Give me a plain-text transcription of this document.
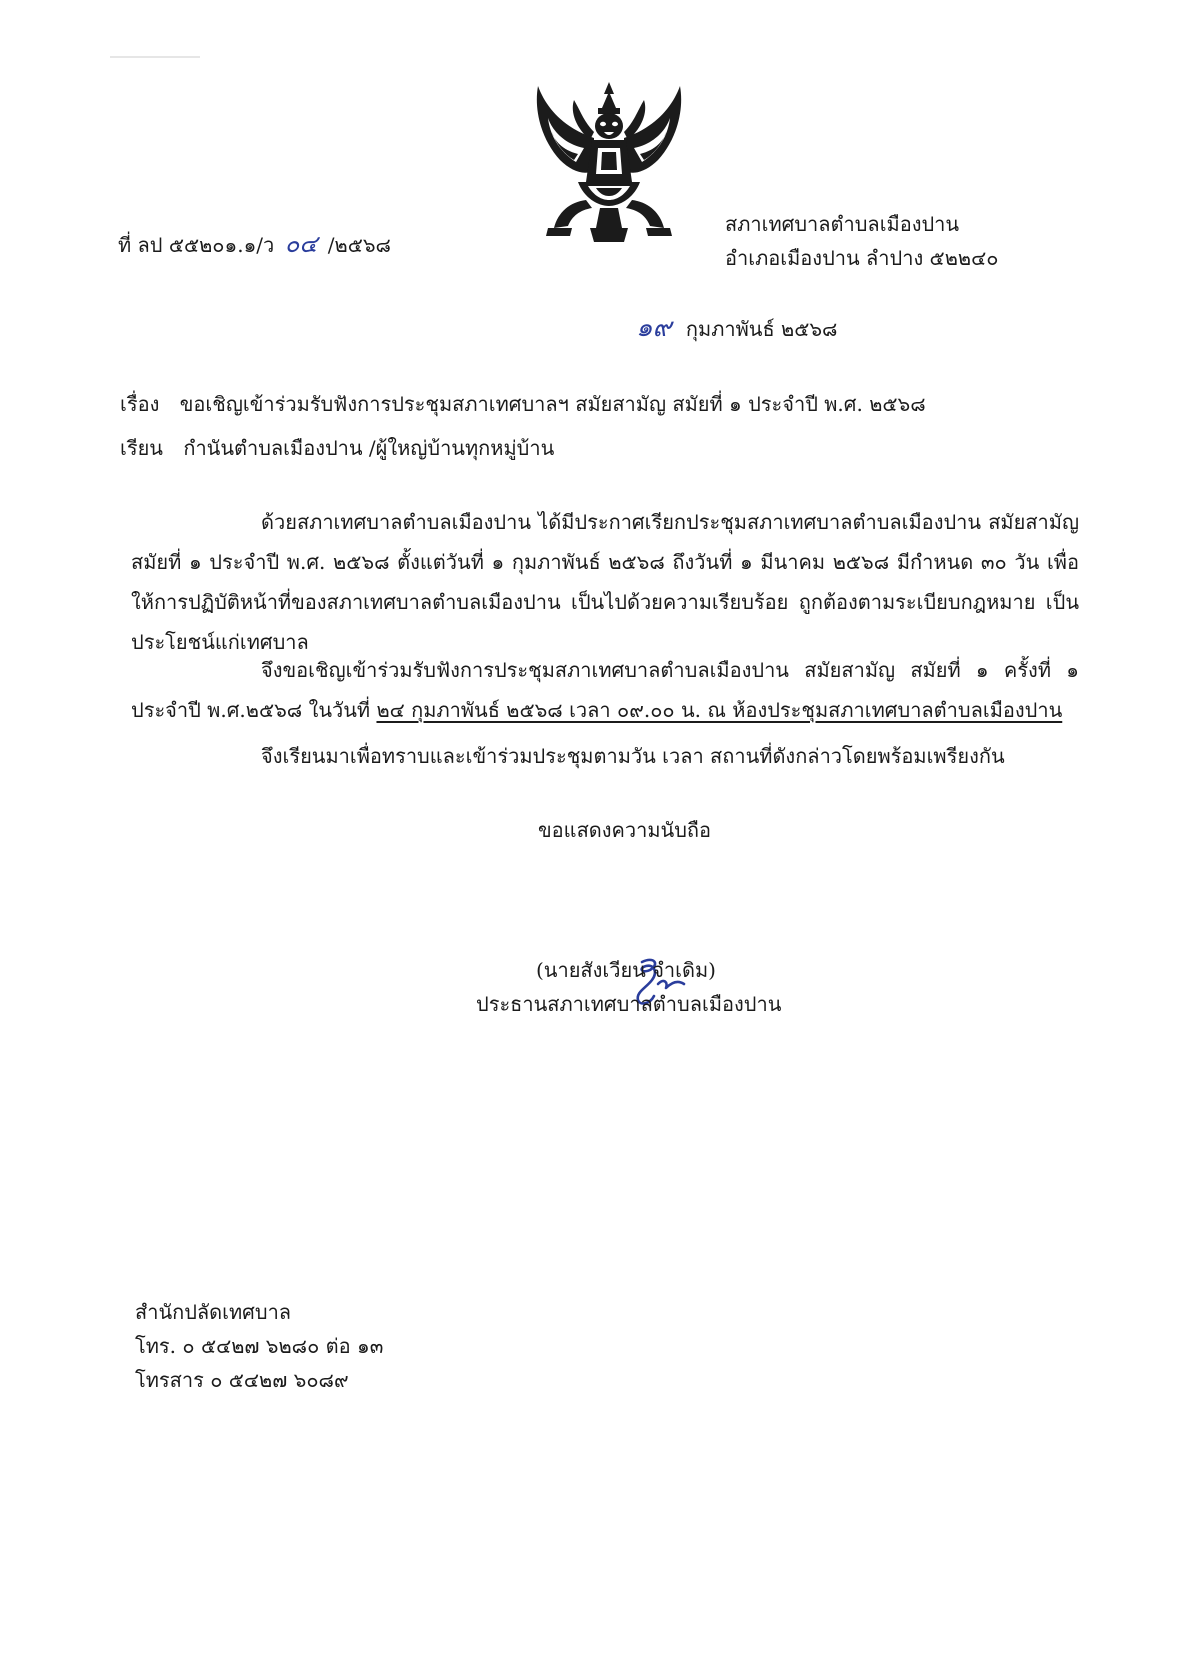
ที่ ลป ๕๕๒๐๑.๑/ว ๐๔ /๒๕๖๘
สภาเทศบาลตำบลเมืองปาน
อำเภอเมืองปาน ลำปาง ๕๒๒๔๐
๑๙ กุมภาพันธ์ ๒๕๖๘
เรื่อง ขอเชิญเข้าร่วมรับฟังการประชุมสภาเทศบาลฯ สมัยสามัญ สมัยที่ ๑ ประจำปี พ.ศ. ๒๕๖๘
เรียน กำนันตำบลเมืองปาน /ผู้ใหญ่บ้านทุกหมู่บ้าน
ด้วยสภาเทศบาลตำบลเมืองปาน ได้มีประกาศเรียกประชุมสภาเทศบาลตำบลเมืองปาน สมัยสามัญ สมัยที่ ๑ ประจำปี พ.ศ. ๒๕๖๘ ตั้งแต่วันที่ ๑ กุมภาพันธ์ ๒๕๖๘ ถึงวันที่ ๑ มีนาคม ๒๕๖๘ มีกำหนด ๓๐ วัน เพื่อให้การปฏิบัติหน้าที่ของสภาเทศบาลตำบลเมืองปาน เป็นไปด้วยความเรียบร้อย ถูกต้องตามระเบียบกฎหมาย เป็นประโยชน์แก่เทศบาล
จึงขอเชิญเข้าร่วมรับฟังการประชุมสภาเทศบาลตำบลเมืองปาน สมัยสามัญ สมัยที่ ๑ ครั้งที่ ๑ ประจำปี พ.ศ.๒๕๖๘ ในวันที่ ๒๔ กุมภาพันธ์ ๒๕๖๘ เวลา ๐๙.๐๐ น. ณ ห้องประชุมสภาเทศบาลตำบลเมืองปาน
จึงเรียนมาเพื่อทราบและเข้าร่วมประชุมตามวัน เวลา สถานที่ดังกล่าวโดยพร้อมเพรียงกัน
ขอแสดงความนับถือ
(นายสังเวียน จำเดิม)
ประธานสภาเทศบาลตำบลเมืองปาน
สำนักปลัดเทศบาล
โทร. ๐ ๕๔๒๗ ๖๒๘๐ ต่อ ๑๓
โทรสาร ๐ ๕๔๒๗ ๖๐๘๙
